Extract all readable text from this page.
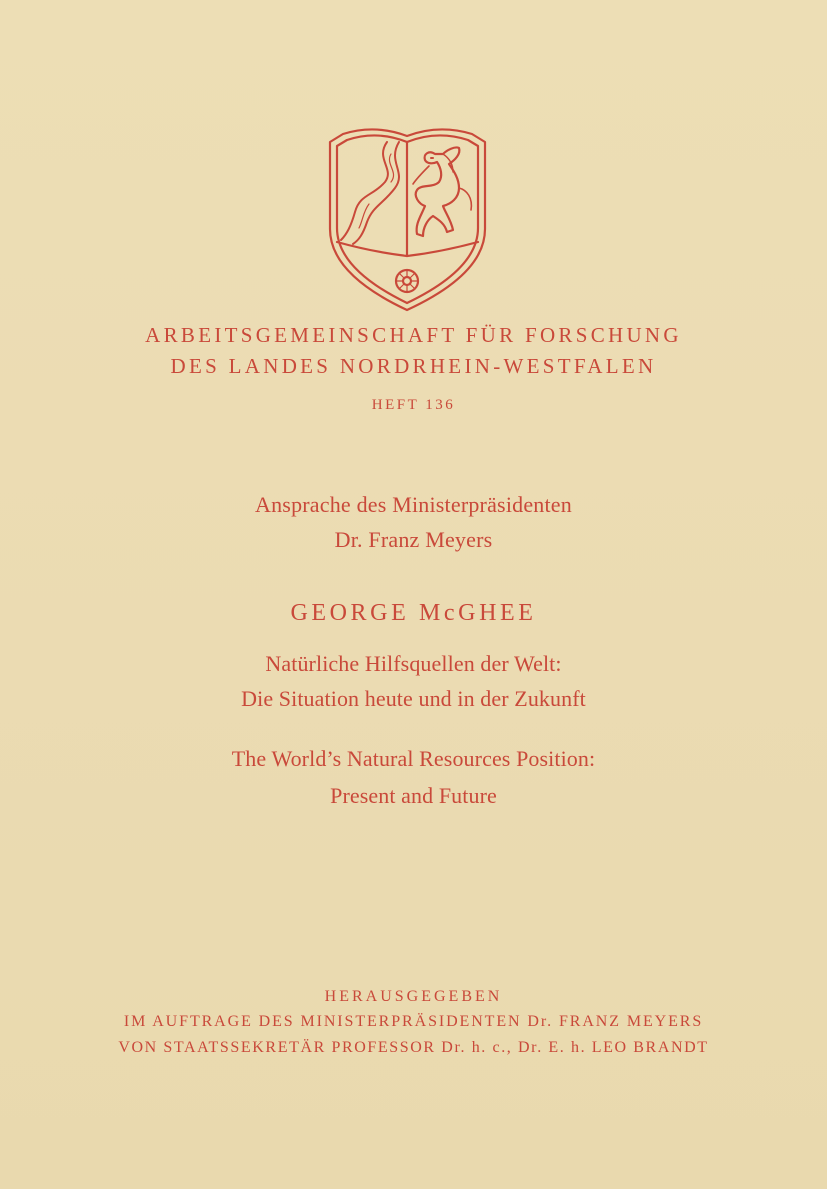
ARBEITSGEMEINSCHAFT FÜR FORSCHUNG
DES LANDES NORDRHEIN-WESTFALEN
HEFT 136
Ansprache des Ministerpräsidenten
Dr. Franz Meyers
GEORGE McGHEE
Natürliche Hilfsquellen der Welt:
Die Situation heute und in der Zukunft
The World’s Natural Resources Position:
Present and Future
HERAUSGEGEBEN
IM AUFTRAGE DES MINISTERPRÄSIDENTEN Dr. FRANZ MEYERS
VON STAATSSEKRETÄR PROFESSOR Dr. h. c., Dr. E. h. LEO BRANDT
